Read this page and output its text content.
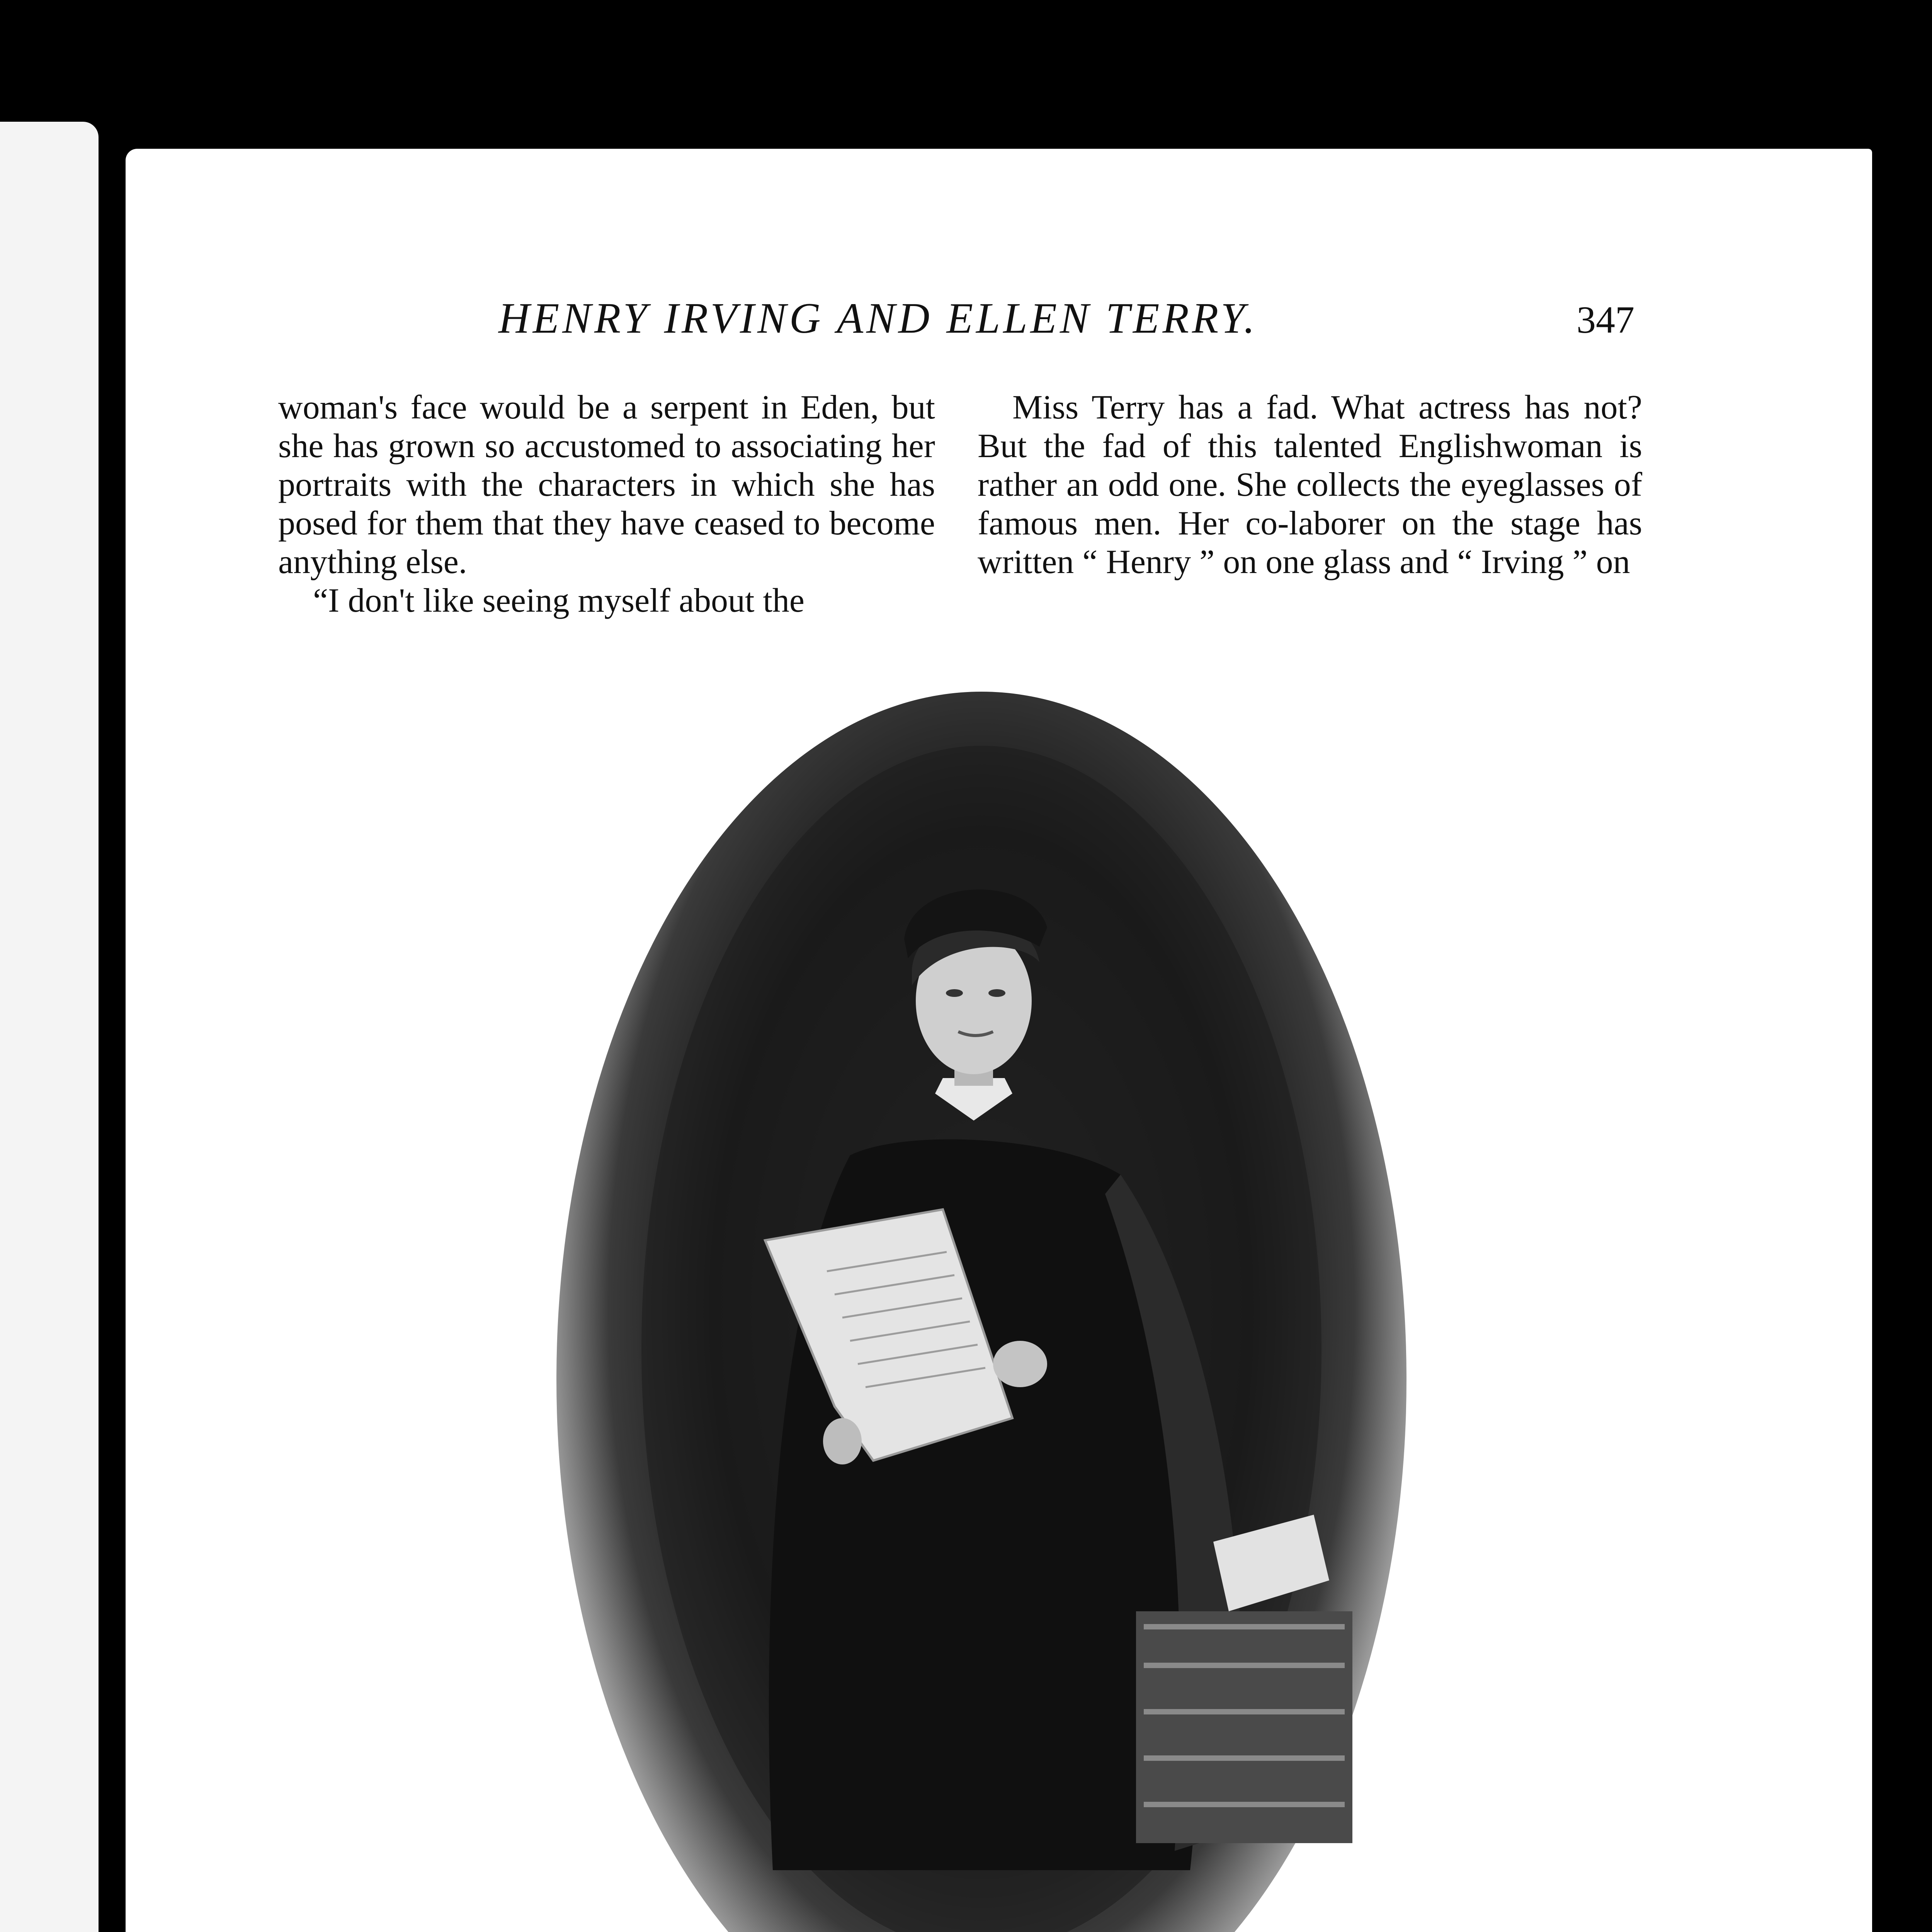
HENRY IRVING AND ELLEN TERRY.	347

woman's face would be a serpent in Eden, but she has grown so accustomed to associating her portraits with the characters in which she has posed for them that they have ceased to become anything else.

“I don't like seeing myself about the

Miss Terry has a fad. What actress has not? But the fad of this talented Englishwoman is rather an odd one. She collects the eyeglasses of famous men. Her co-laborer on the stage has written “ Henry ” on one glass and “ Irving ” on
